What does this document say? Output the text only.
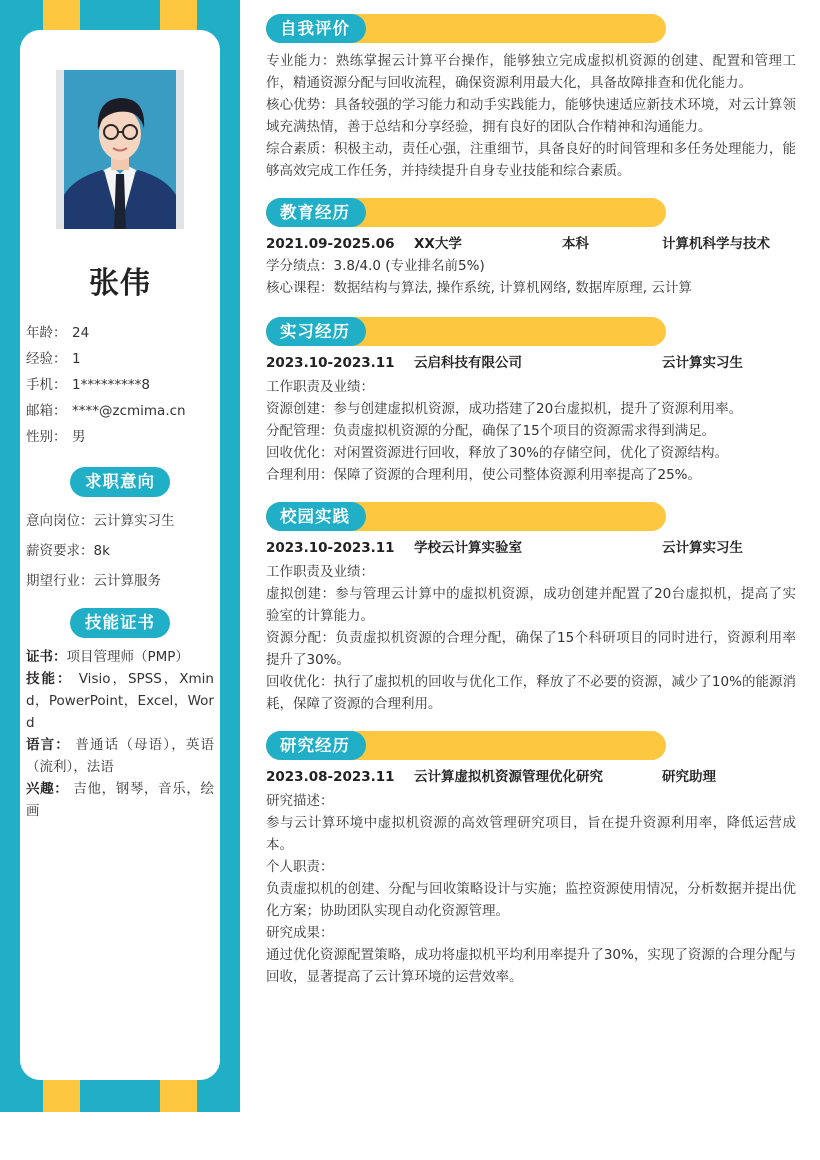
张伟
年龄： 24
经验： 1
手机： 1*********8
邮箱： ****@zcmima.cn
性别： 男
求职意向
意向岗位：云计算实习生
薪资要求：8k
期望行业：云计算服务
技能证书

证书：项目管理师（PMP）

技能： Visio，SPSS，Xmind，PowerPoint，Excel，Word

语言： 普通话（母语），英语（流利），法语

兴趣： 吉他，钢琴，音乐，绘画

自我评价
专业能力：熟练掌握云计算平台操作，能够独立完成虚拟机资源的创建、配置和管理工作，精通资源分配与回收流程，确保资源利用最大化，具备故障排查和优化能力。
核心优势：具备较强的学习能力和动手实践能力，能够快速适应新技术环境，对云计算领域充满热情，善于总结和分享经验，拥有良好的团队合作精神和沟通能力。
综合素质：积极主动，责任心强，注重细节，具备良好的时间管理和多任务处理能力，能够高效完成工作任务，并持续提升自身专业技能和综合素质。
教育经历
2021.09-2025.06 XX大学	本科	计算机科学与技术
学分绩点：3.8/4.0 (专业排名前5%)
核心课程：数据结构与算法, 操作系统, 计算机网络, 数据库原理, 云计算
实习经历
2023.10-2023.11 云启科技有限公司	云计算实习生
工作职责及业绩：
资源创建：参与创建虚拟机资源，成功搭建了20台虚拟机，提升了资源利用率。
分配管理：负责虚拟机资源的分配，确保了15个项目的资源需求得到满足。
回收优化：对闲置资源进行回收，释放了30%的存储空间，优化了资源结构。
合理利用：保障了资源的合理利用，使公司整体资源利用率提高了25%。
校园实践
2023.10-2023.11 学校云计算实验室	云计算实习生
工作职责及业绩：
虚拟创建：参与管理云计算中的虚拟机资源，成功创建并配置了20台虚拟机，提高了实验室的计算能力。
资源分配：负责虚拟机资源的合理分配，确保了15个科研项目的同时进行，资源利用率提升了30%。
回收优化：执行了虚拟机的回收与优化工作，释放了不必要的资源，减少了10%的能源消耗，保障了资源的合理利用。
研究经历
2023.08-2023.11 云计算虚拟机资源管理优化研究	研究助理
研究描述：
参与云计算环境中虚拟机资源的高效管理研究项目，旨在提升资源利用率，降低运营成本。
个人职责：
负责虚拟机的创建、分配与回收策略设计与实施；监控资源使用情况，分析数据并提出优化方案；协助团队实现自动化资源管理。
研究成果：
通过优化资源配置策略，成功将虚拟机平均利用率提升了30%，实现了资源的合理分配与回收，显著提高了云计算环境的运营效率。
